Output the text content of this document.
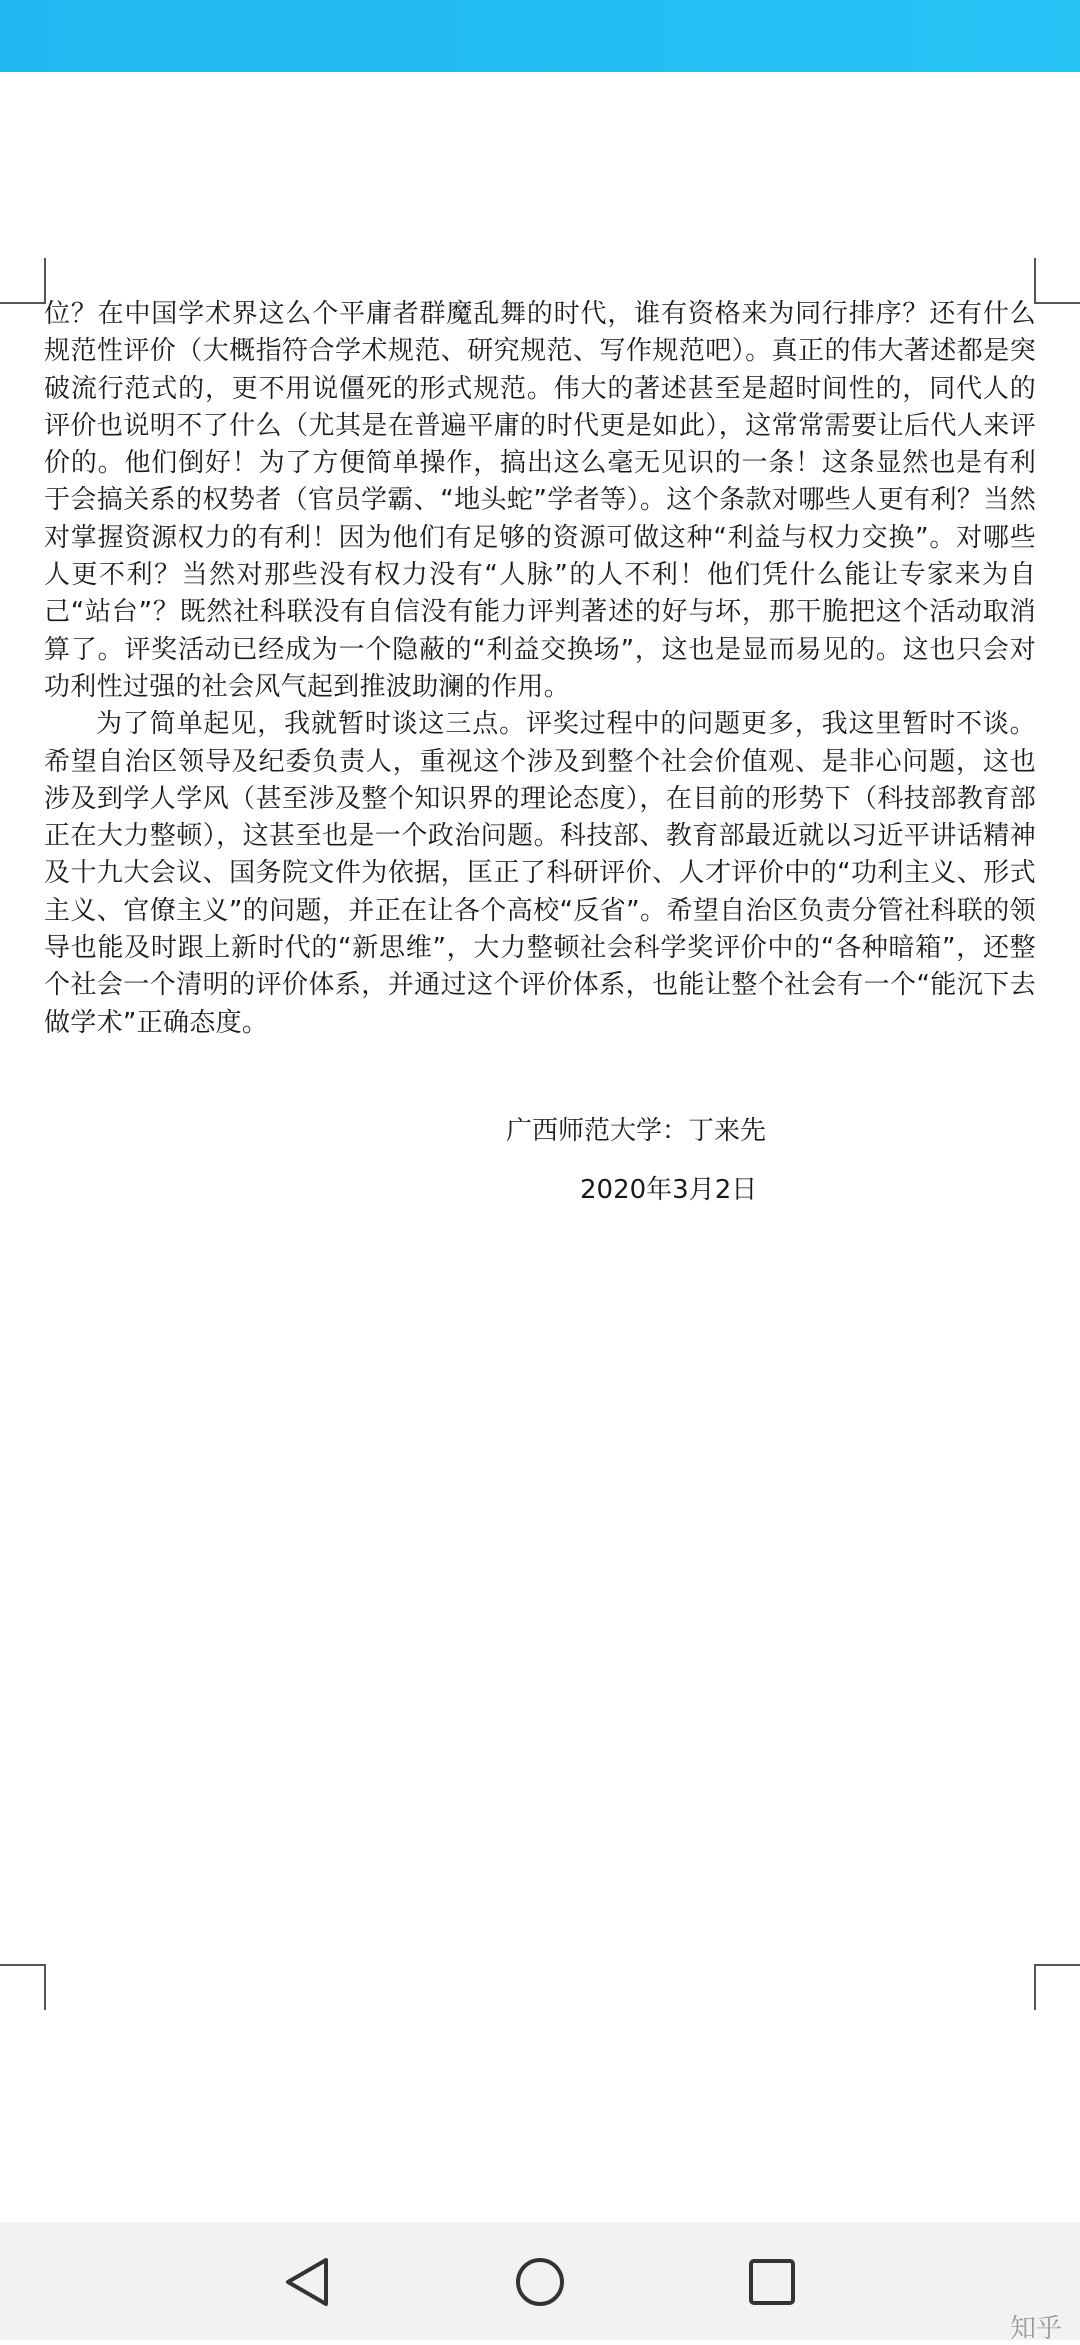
位？在中国学术界这么个平庸者群魔乱舞的时代，谁有资格来为同行排序？还有什么规范性评价（大概指符合学术规范、研究规范、写作规范吧）。真正的伟大著述都是突破流行范式的，更不用说僵死的形式规范。伟大的著述甚至是超时间性的，同代人的评价也说明不了什么（尤其是在普遍平庸的时代更是如此），这常常需要让后代人来评价的。他们倒好！为了方便简单操作，搞出这么毫无见识的一条！这条显然也是有利于会搞关系的权势者（官员学霸、“地头蛇”学者等）。这个条款对哪些人更有利？当然对掌握资源权力的有利！因为他们有足够的资源可做这种“利益与权力交换”。对哪些人更不利？当然对那些没有权力没有“人脉”的人不利！他们凭什么能让专家来为自己“站台”？既然社科联没有自信没有能力评判著述的好与坏，那干脆把这个活动取消算了。评奖活动已经成为一个隐蔽的“利益交换场”，这也是显而易见的。这也只会对功利性过强的社会风气起到推波助澜的作用。

为了简单起见，我就暂时谈这三点。评奖过程中的问题更多，我这里暂时不谈。希望自治区领导及纪委负责人，重视这个涉及到整个社会价值观、是非心问题，这也涉及到学人学风（甚至涉及整个知识界的理论态度），在目前的形势下（科技部教育部正在大力整顿），这甚至也是一个政治问题。科技部、教育部最近就以习近平讲话精神及十九大会议、国务院文件为依据，匡正了科研评价、人才评价中的“功利主义、形式主义、官僚主义”的问题，并正在让各个高校“反省”。希望自治区负责分管社科联的领导也能及时跟上新时代的“新思维”，大力整顿社会科学奖评价中的“各种暗箱”，还整个社会一个清明的评价体系，并通过这个评价体系，也能让整个社会有一个“能沉下去做学术”正确态度。

广西师范大学：丁来先
2020年3月2日
知乎
